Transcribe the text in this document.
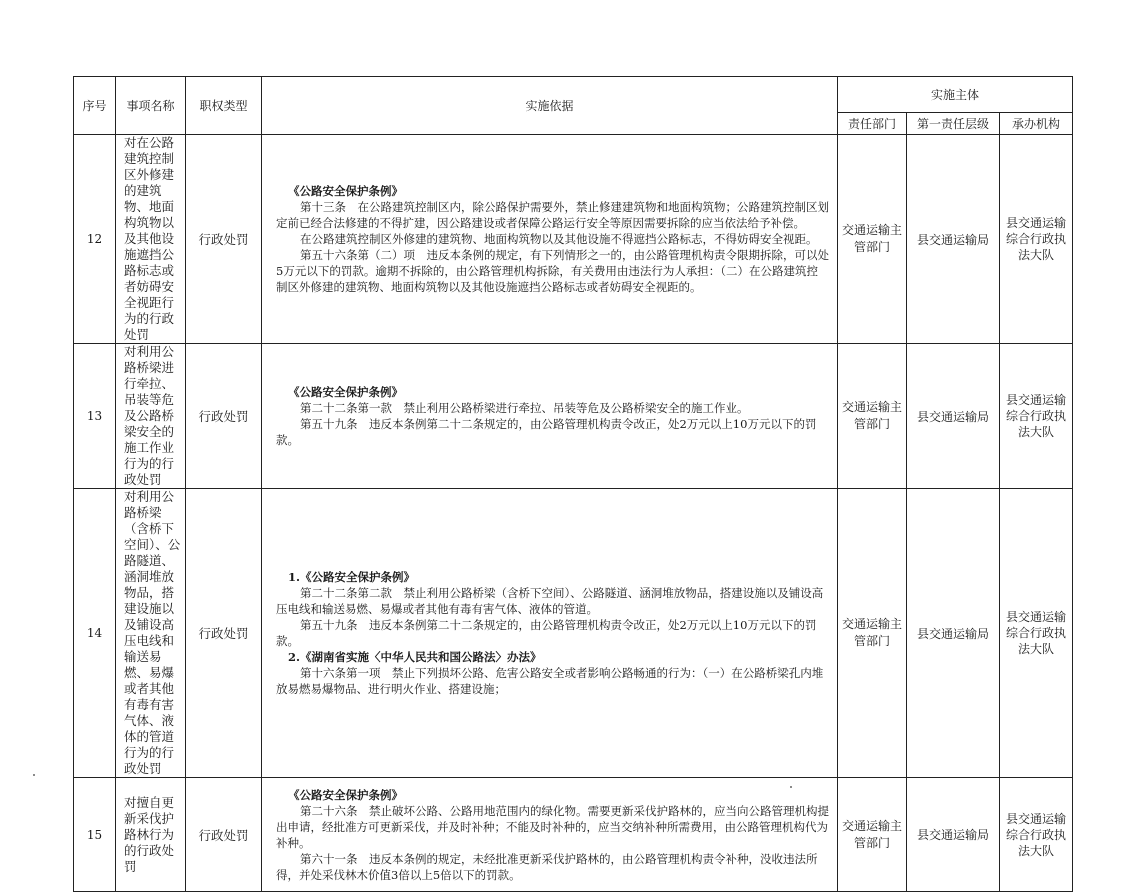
序号	事项名称	职权类型	实施依据	实施主体		
				责任部门	第一责任层级	承办机构
12	对在公路建筑控制区外修建的建筑物、地面构筑物以及其他设施遮挡公路标志或者妨碍安全视距行为的行政处罚	行政处罚	《公路安全保护条例》

第十三条　在公路建筑控制区内，除公路保护需要外，禁止修建建筑物和地面构筑物；公路建筑控制区划定前已经合法修建的不得扩建，因公路建设或者保障公路运行安全等原因需要拆除的应当依法给予补偿。

在公路建筑控制区外修建的建筑物、地面构筑物以及其他设施不得遮挡公路标志，不得妨碍安全视距。

第五十六条第（二）项　违反本条例的规定，有下列情形之一的，由公路管理机构责令限期拆除，可以处5万元以下的罚款。逾期不拆除的，由公路管理机构拆除，有关费用由违法行为人承担：（二）在公路建筑控制区外修建的建筑物、地面构筑物以及其他设施遮挡公路标志或者妨碍安全视距的。	交通运输主管部门	县交通运输局	县交通运输综合行政执法大队
13	对利用公路桥梁进行牵拉、吊装等危及公路桥梁安全的施工作业行为的行政处罚	行政处罚	《公路安全保护条例》

第二十二条第一款　禁止利用公路桥梁进行牵拉、吊装等危及公路桥梁安全的施工作业。

第五十九条　违反本条例第二十二条规定的，由公路管理机构责令改正，处2万元以上10万元以下的罚款。	交通运输主管部门	县交通运输局	县交通运输综合行政执法大队
14	对利用公路桥梁（含桥下空间）、公路隧道、涵洞堆放物品，搭建设施以及铺设高压电线和输送易燃、易爆或者其他有毒有害气体、液体的管道行为的行政处罚	行政处罚	1.《公路安全保护条例》

第二十二条第二款　禁止利用公路桥梁（含桥下空间）、公路隧道、涵洞堆放物品，搭建设施以及铺设高压电线和输送易燃、易爆或者其他有毒有害气体、液体的管道。

第五十九条　违反本条例第二十二条规定的，由公路管理机构责令改正，处2万元以上10万元以下的罚款。

2.《湖南省实施〈中华人民共和国公路法〉办法》

第十六条第一项　禁止下列损坏公路、危害公路安全或者影响公路畅通的行为：（一）在公路桥梁孔内堆放易燃易爆物品、进行明火作业、搭建设施；	交通运输主管部门	县交通运输局	县交通运输综合行政执法大队
15	对擅自更新采伐护路林行为的行政处罚	行政处罚	《公路安全保护条例》

第二十六条　禁止破坏公路、公路用地范围内的绿化物。需要更新采伐护路林的，应当向公路管理机构提出申请，经批准方可更新采伐，并及时补种；不能及时补种的，应当交纳补种所需费用，由公路管理机构代为补种。

第六十一条　违反本条例的规定，未经批准更新采伐护路林的，由公路管理机构责令补种，没收违法所得，并处采伐林木价值3倍以上5倍以下的罚款。	交通运输主管部门	县交通运输局	县交通运输综合行政执法大队
